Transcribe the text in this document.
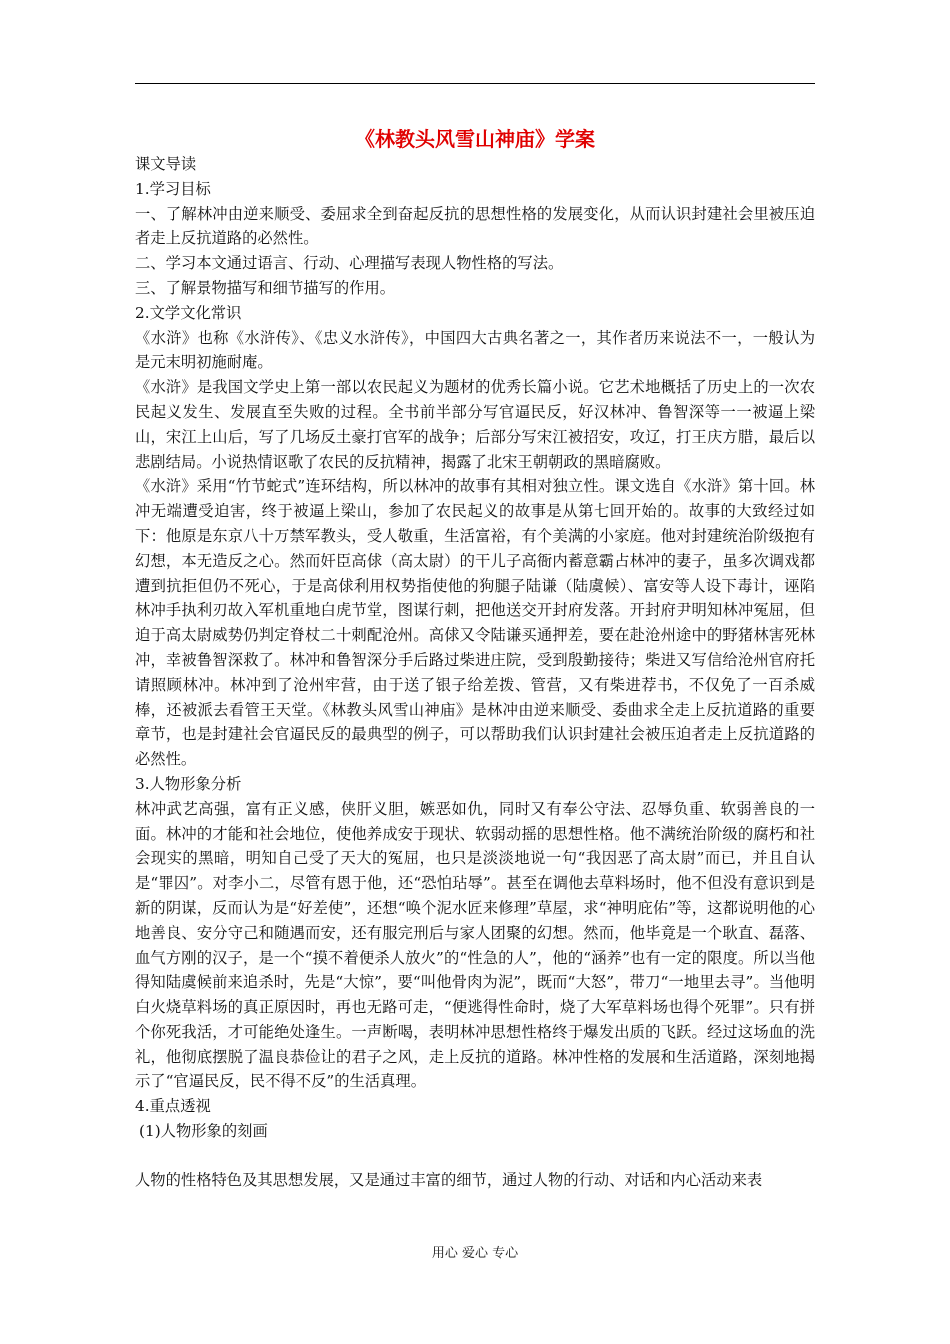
《林教头风雪山神庙》学案

课文导读

1.学习目标

一、了解林冲由逆来顺受、委屈求全到奋起反抗的思想性格的发展变化，从而认识封建社会里被压迫者走上反抗道路的必然性。

二、学习本文通过语言、行动、心理描写表现人物性格的写法。

三、了解景物描写和细节描写的作用。

2.文学文化常识

《水浒》也称《水浒传》、《忠义水浒传》，中国四大古典名著之一，其作者历来说法不一，一般认为是元末明初施耐庵。

《水浒》是我国文学史上第一部以农民起义为题材的优秀长篇小说。它艺术地概括了历史上的一次农民起义发生、发展直至失败的过程。全书前半部分写官逼民反，好汉林冲、鲁智深等一一被逼上梁山，宋江上山后，写了几场反土豪打官军的战争；后部分写宋江被招安，攻辽，打王庆方腊，最后以悲剧结局。小说热情讴歌了农民的反抗精神，揭露了北宋王朝朝政的黑暗腐败。

《水浒》采用“竹节蛇式”连环结构，所以林冲的故事有其相对独立性。课文选自《水浒》第十回。林冲无端遭受迫害，终于被逼上梁山，参加了农民起义的故事是从第七回开始的。故事的大致经过如下：他原是东京八十万禁军教头，受人敬重，生活富裕，有个美满的小家庭。他对封建统治阶级抱有幻想，本无造反之心。然而奸臣高俅（高太尉）的干儿子高衙内蓄意霸占林冲的妻子，虽多次调戏都遭到抗拒但仍不死心，于是高俅利用权势指使他的狗腿子陆谦（陆虞候）、富安等人设下毒计，诬陷林冲手执利刃故入军机重地白虎节堂，图谋行刺，把他送交开封府发落。开封府尹明知林冲冤屈，但迫于高太尉威势仍判定脊杖二十刺配沧州。高俅又令陆谦买通押差，要在赴沧州途中的野猪林害死林冲，幸被鲁智深救了。林冲和鲁智深分手后路过柴进庄院，受到殷勤接待；柴进又写信给沧州官府托请照顾林冲。林冲到了沧州牢营，由于送了银子给差拨、管营，又有柴进荐书，不仅免了一百杀威棒，还被派去看管王天堂。《林教头风雪山神庙》是林冲由逆来顺受、委曲求全走上反抗道路的重要章节，也是封建社会官逼民反的最典型的例子，可以帮助我们认识封建社会被压迫者走上反抗道路的必然性。

3.人物形象分析

林冲武艺高强，富有正义感，侠肝义胆，嫉恶如仇，同时又有奉公守法、忍辱负重、软弱善良的一面。林冲的才能和社会地位，使他养成安于现状、软弱动摇的思想性格。他不满统治阶级的腐朽和社会现实的黑暗，明知自己受了天大的冤屈，也只是淡淡地说一句“我因恶了高太尉”而已，并且自认是“罪囚”。对李小二，尽管有恩于他，还“恐怕玷辱”。甚至在调他去草料场时，他不但没有意识到是新的阴谋，反而认为是“好差使”，还想“唤个泥水匠来修理”草屋，求“神明庇佑”等，这都说明他的心地善良、安分守己和随遇而安，还有服完刑后与家人团聚的幻想。然而，他毕竟是一个耿直、磊落、血气方刚的汉子，是一个“摸不着便杀人放火”的“性急的人”，他的“涵养”也有一定的限度。所以当他得知陆虞候前来追杀时，先是“大惊”，要“叫他骨肉为泥”，既而“大怒”，带刀“一地里去寻”。当他明白火烧草料场的真正原因时，再也无路可走，“便逃得性命时，烧了大军草料场也得个死罪”。只有拼个你死我活，才可能绝处逢生。一声断喝，表明林冲思想性格终于爆发出质的飞跃。经过这场血的洗礼，他彻底摆脱了温良恭俭让的君子之风，走上反抗的道路。林冲性格的发展和生活道路，深刻地揭示了“官逼民反，民不得不反”的生活真理。

4.重点透视

(1)人物形象的刻画

人物的性格特色及其思想发展，又是通过丰富的细节，通过人物的行动、对话和内心活动来表

用心 爱心 专心
